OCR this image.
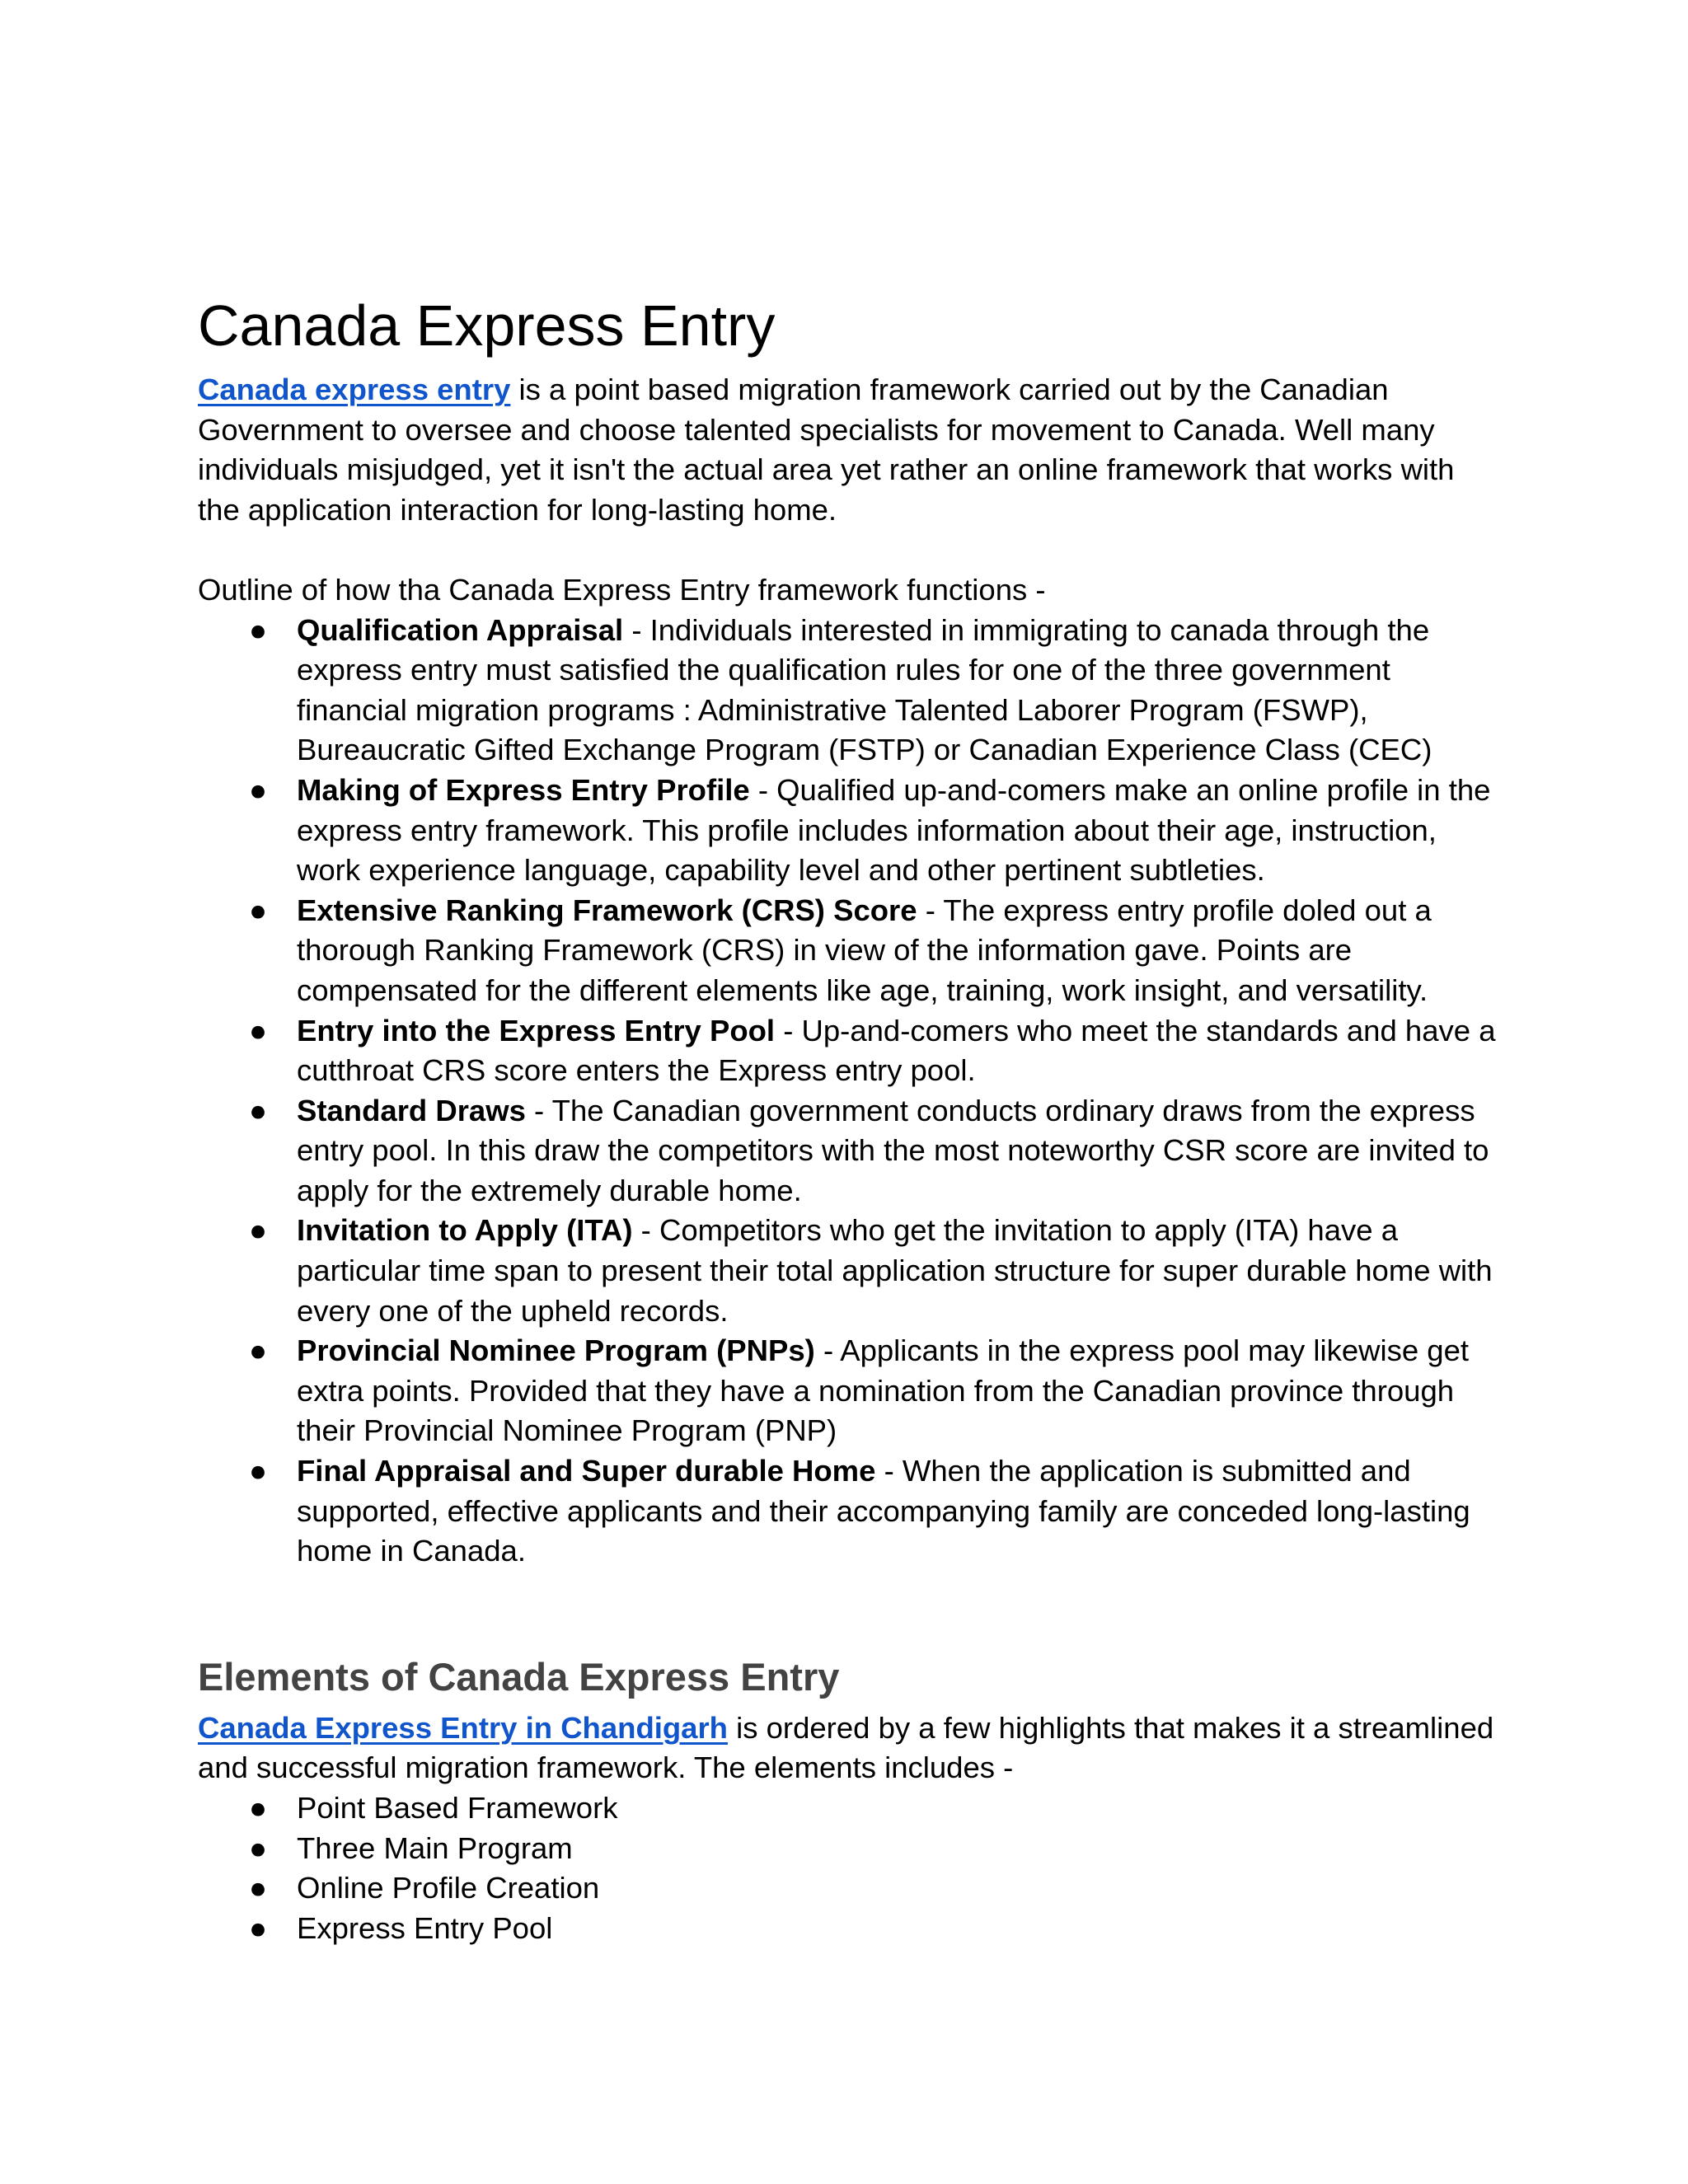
Canada Express Entry

Canada express entry is a point based migration framework carried out by the Canadian Government to oversee and choose talented specialists for movement to Canada. Well many individuals misjudged, yet it isn't the actual area yet rather an online framework that works with the application interaction for long-lasting home.

Outline of how tha Canada Express Entry framework functions -

● Qualification Appraisal - Individuals interested in immigrating to canada through the express entry must satisfied the qualification rules for one of the three government financial migration programs : Administrative Talented Laborer Program (FSWP), Bureaucratic Gifted Exchange Program (FSTP) or Canadian Experience Class (CEC)
● Making of Express Entry Profile - Qualified up-and-comers make an online profile in the express entry framework. This profile includes information about their age, instruction, work experience language, capability level and other pertinent subtleties.
● Extensive Ranking Framework (CRS) Score - The express entry profile doled out a thorough Ranking Framework (CRS) in view of the information gave. Points are compensated for the different elements like age, training, work insight, and versatility.
● Entry into the Express Entry Pool - Up-and-comers who meet the standards and have a cutthroat CRS score enters the Express entry pool.
● Standard Draws - The Canadian government conducts ordinary draws from the express entry pool. In this draw the competitors with the most noteworthy CSR score are invited to apply for the extremely durable home.
● Invitation to Apply (ITA) - Competitors who get the invitation to apply (ITA) have a particular time span to present their total application structure for super durable home with every one of the upheld records.
● Provincial Nominee Program (PNPs) - Applicants in the express pool may likewise get extra points. Provided that they have a nomination from the Canadian province through their Provincial Nominee Program (PNP)
● Final Appraisal and Super durable Home - When the application is submitted and supported, effective applicants and their accompanying family are conceded long-lasting home in Canada.
Elements of Canada Express Entry

Canada Express Entry in Chandigarh is ordered by a few highlights that makes it a streamlined and successful migration framework. The elements includes -

● Point Based Framework
● Three Main Program
● Online Profile Creation
● Express Entry Pool
